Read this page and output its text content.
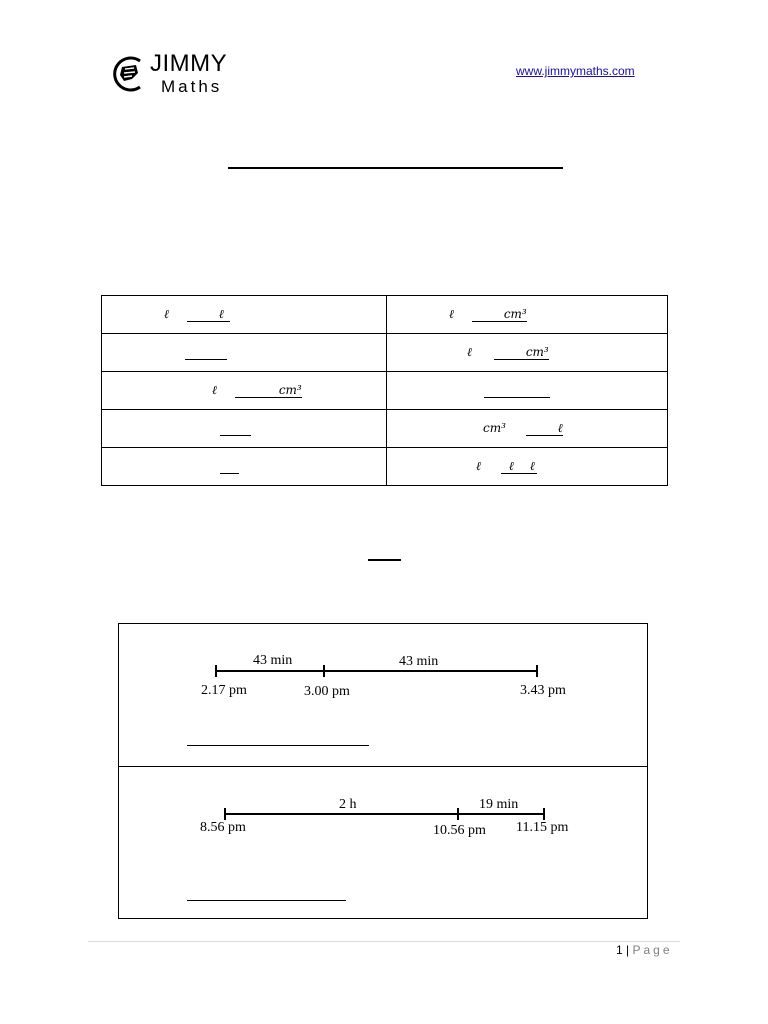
JIMMY
Maths
www.jimmymaths.com
ℓ ℓ	ℓ cm³

	ℓ cm³

ℓ cm³	

	cm³ ℓ

	ℓ ℓ ℓ
43 min	43 min
2.17 pm	3.00 pm	3.43 pm
2 h	19 min
8.56 pm	10.56 pm 11.15 pm
1 | Page
